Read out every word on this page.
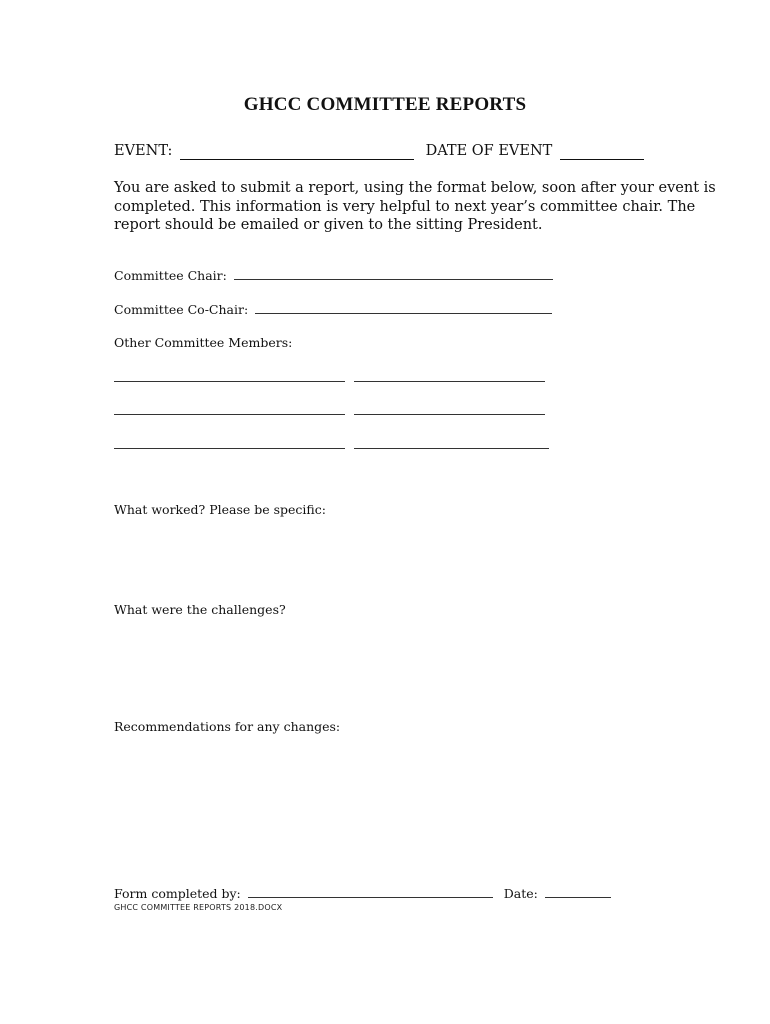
GHCC COMMITTEE REPORTS
EVENT:	DATE OF EVENT
You are asked to submit a report, using the format below, soon after your event is
completed. This information is very helpful to next year’s committee chair. The
report should be emailed or given to the sitting President.
Committee Chair:
Committee Co-Chair:
Other Committee Members:

What worked? Please be specific:
What were the challenges?
Recommendations for any changes:
Form completed by:	Date:
GHCC COMMITTEE REPORTS 2018.DOCX
